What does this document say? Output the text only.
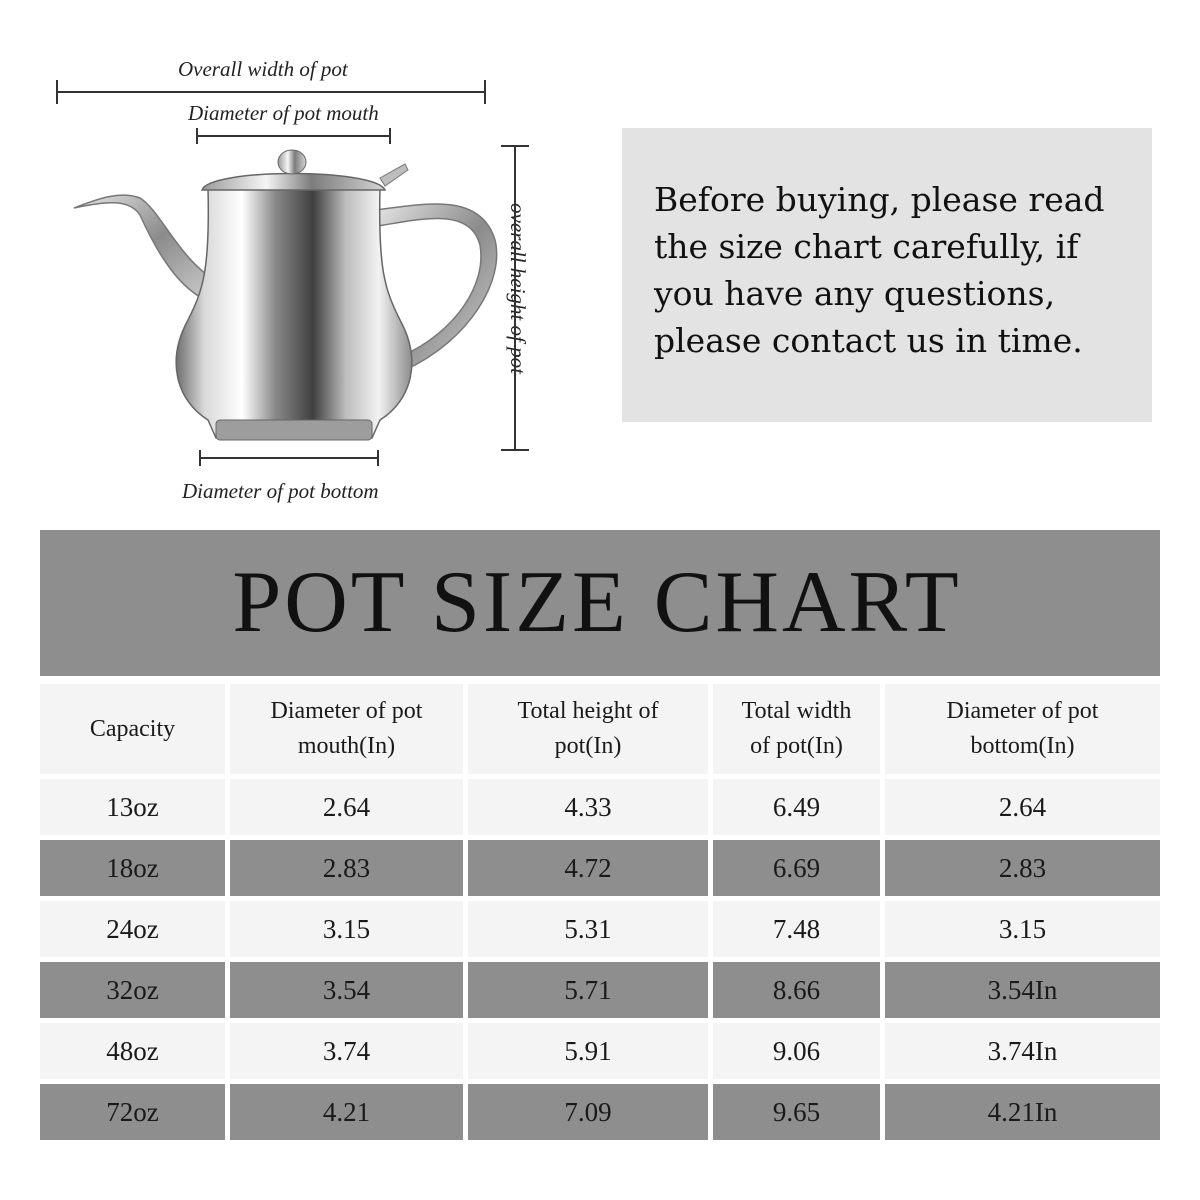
Overall width of pot
Diameter of pot mouth
overall height of pot
Diameter of pot bottom
Before buying, please read the size chart carefully, if you have any questions, please contact us in time.
POT SIZE CHART
Capacity	Diameter of pot mouth(In)	Total height of pot(In)	Total width of pot(In)	Diameter of pot bottom(In)

13oz	2.64	4.33	6.49	2.64
18oz	2.83	4.72	6.69	2.83
24oz	3.15	5.31	7.48	3.15
32oz	3.54	5.71	8.66	3.54In
48oz	3.74	5.91	9.06	3.74In
72oz	4.21	7.09	9.65	4.21In
